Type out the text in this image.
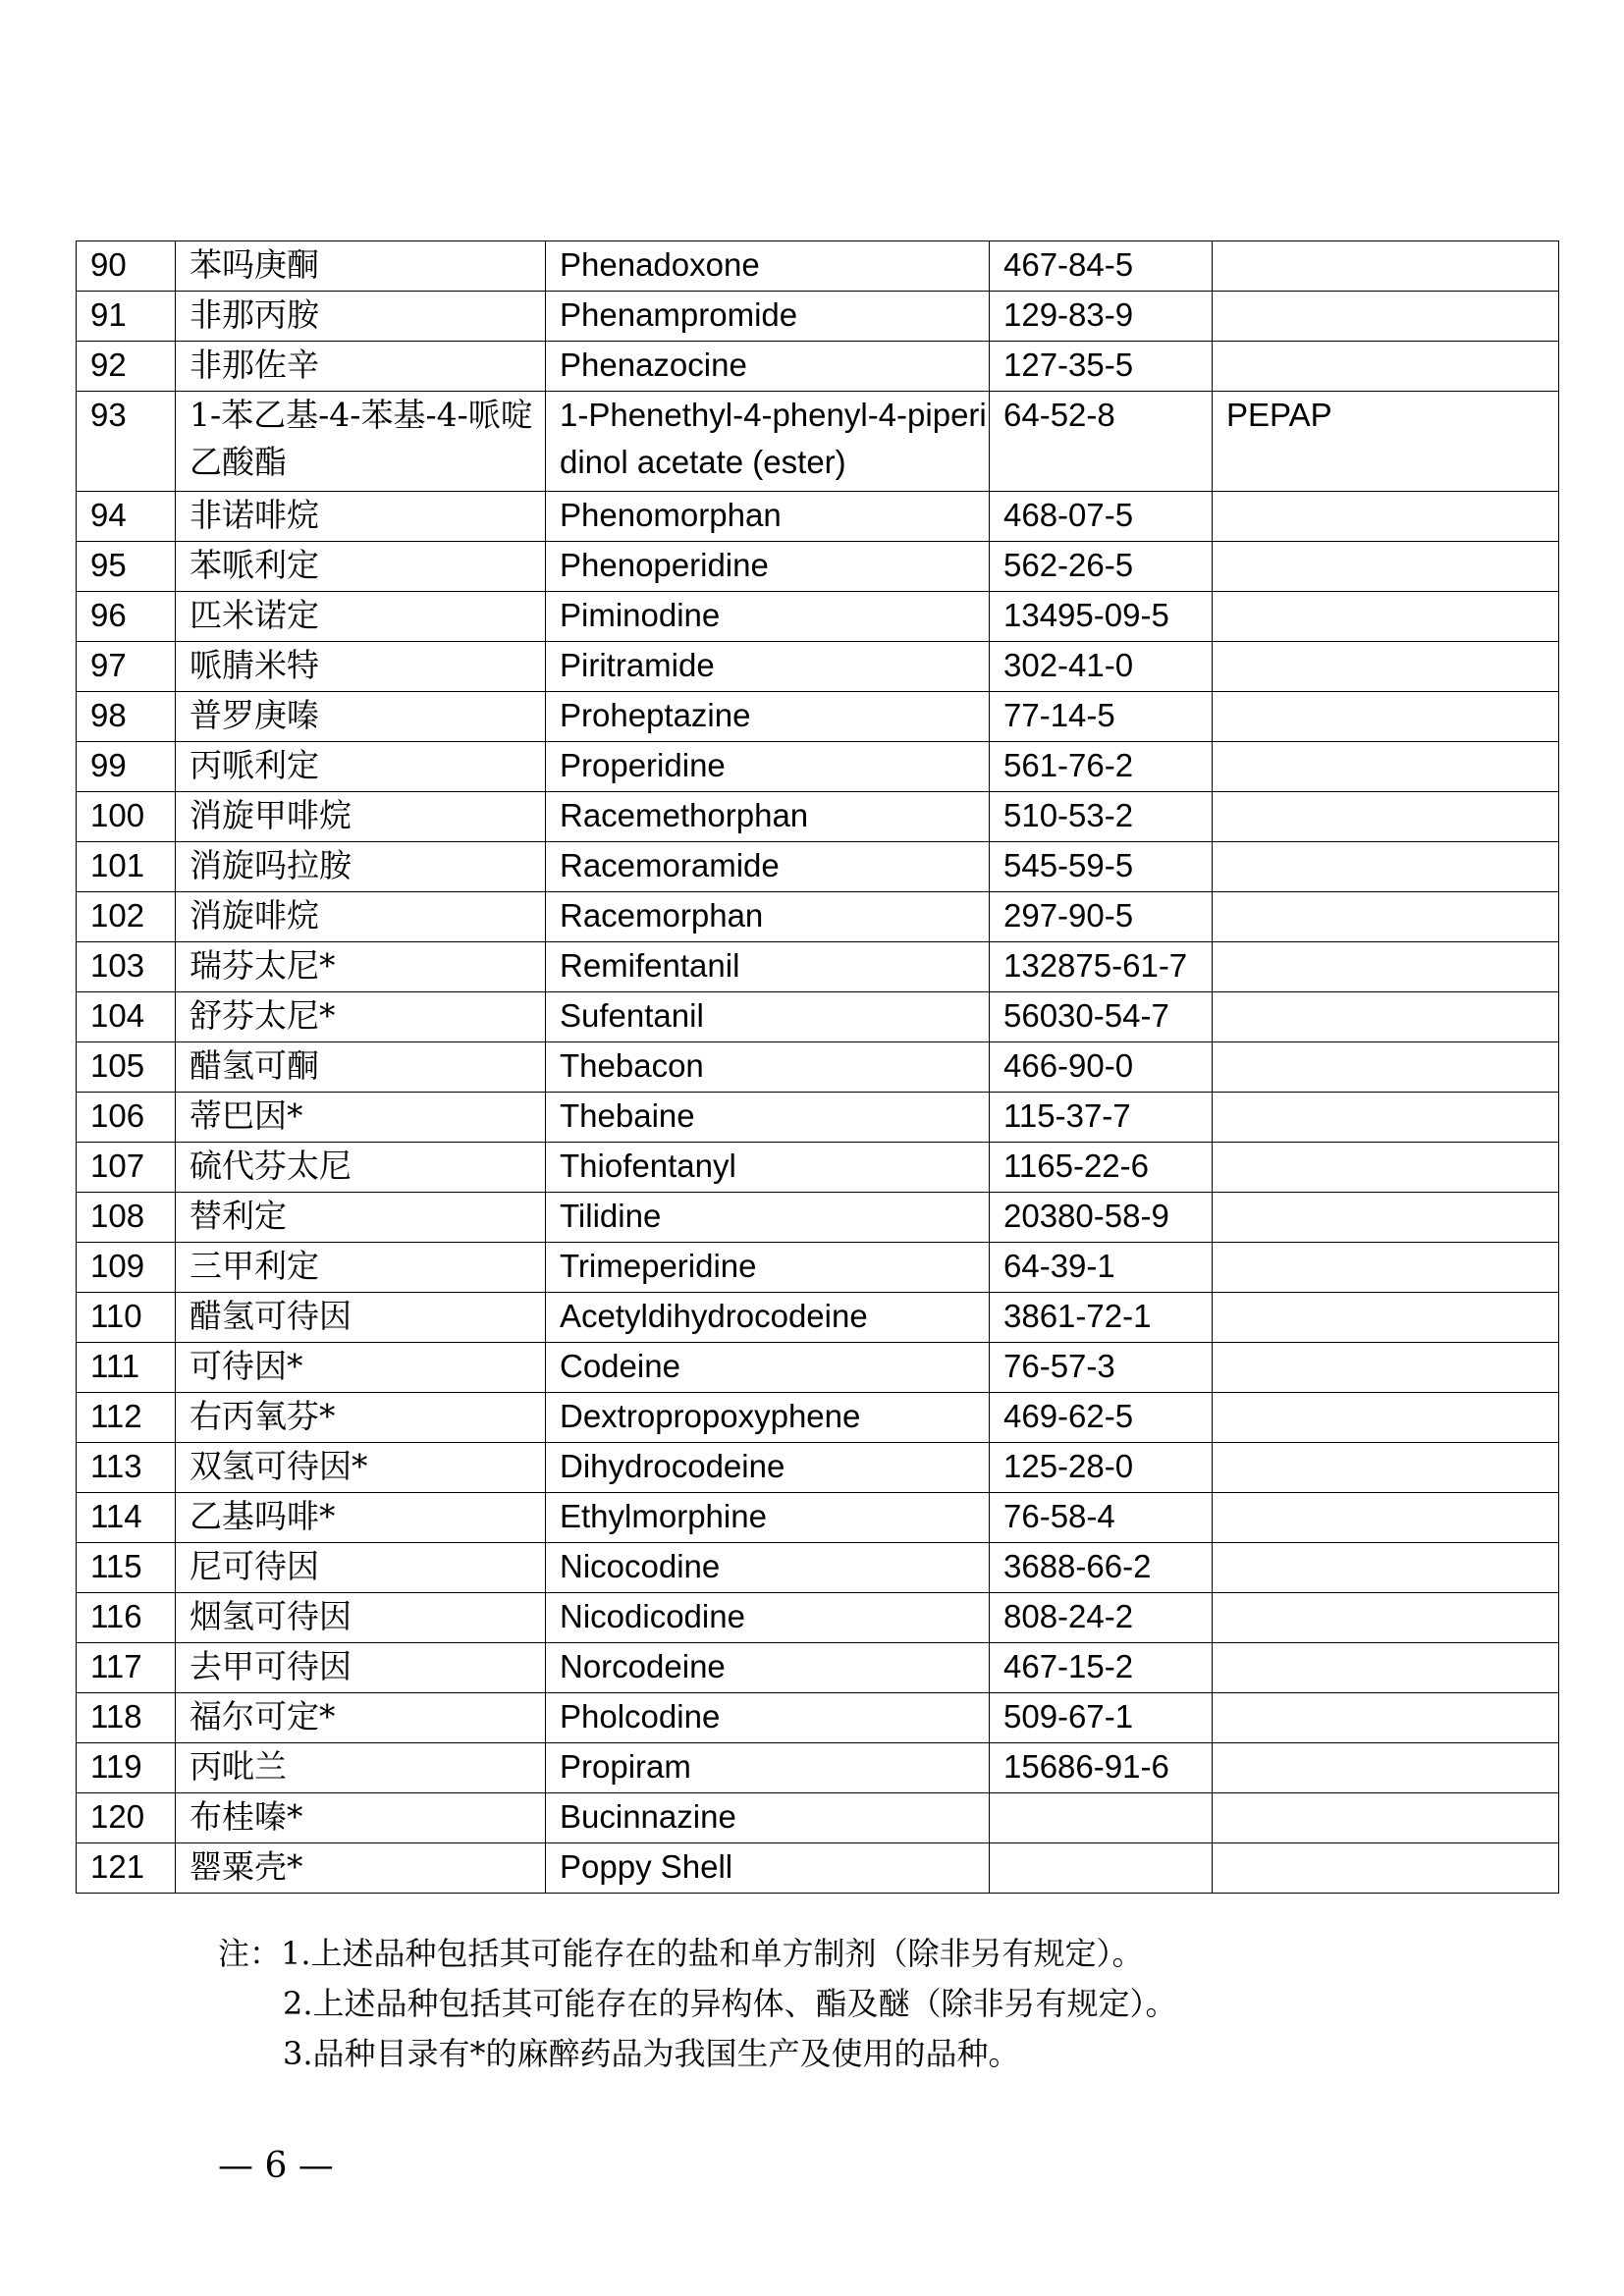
90	苯吗庚酮	Phenadoxone	467-84-5	
91	非那丙胺	Phenampromide	129-83-9	
92	非那佐辛	Phenazocine	127-35-5	
93	1-苯乙基-4-苯基-4-哌啶乙酸酯	1-Phenethyl-4-phenyl-4-piperidinol acetate (ester)	64-52-8	PEPAP
94	非诺啡烷	Phenomorphan	468-07-5	
95	苯哌利定	Phenoperidine	562-26-5	
96	匹米诺定	Piminodine	13495-09-5	
97	哌腈米特	Piritramide	302-41-0	
98	普罗庚嗪	Proheptazine	77-14-5	
99	丙哌利定	Properidine	561-76-2	
100	消旋甲啡烷	Racemethorphan	510-53-2	
101	消旋吗拉胺	Racemoramide	545-59-5	
102	消旋啡烷	Racemorphan	297-90-5	
103	瑞芬太尼*	Remifentanil	132875-61-7	
104	舒芬太尼*	Sufentanil	56030-54-7	
105	醋氢可酮	Thebacon	466-90-0	
106	蒂巴因*	Thebaine	115-37-7	
107	硫代芬太尼	Thiofentanyl	1165-22-6	
108	替利定	Tilidine	20380-58-9	
109	三甲利定	Trimeperidine	64-39-1	
110	醋氢可待因	Acetyldihydrocodeine	3861-72-1	
111	可待因*	Codeine	76-57-3	
112	右丙氧芬*	Dextropropoxyphene	469-62-5	
113	双氢可待因*	Dihydrocodeine	125-28-0	
114	乙基吗啡*	Ethylmorphine	76-58-4	
115	尼可待因	Nicocodine	3688-66-2	
116	烟氢可待因	Nicodicodine	808-24-2	
117	去甲可待因	Norcodeine	467-15-2	
118	福尔可定*	Pholcodine	509-67-1	
119	丙吡兰	Propiram	15686-91-6	
120	布桂嗪*	Bucinnazine		
121	罂粟壳*	Poppy Shell		
注：1.上述品种包括其可能存在的盐和单方制剂（除非另有规定）。
2.上述品种包括其可能存在的异构体、酯及醚（除非另有规定）。
3.品种目录有*的麻醉药品为我国生产及使用的品种。
— 6 —
